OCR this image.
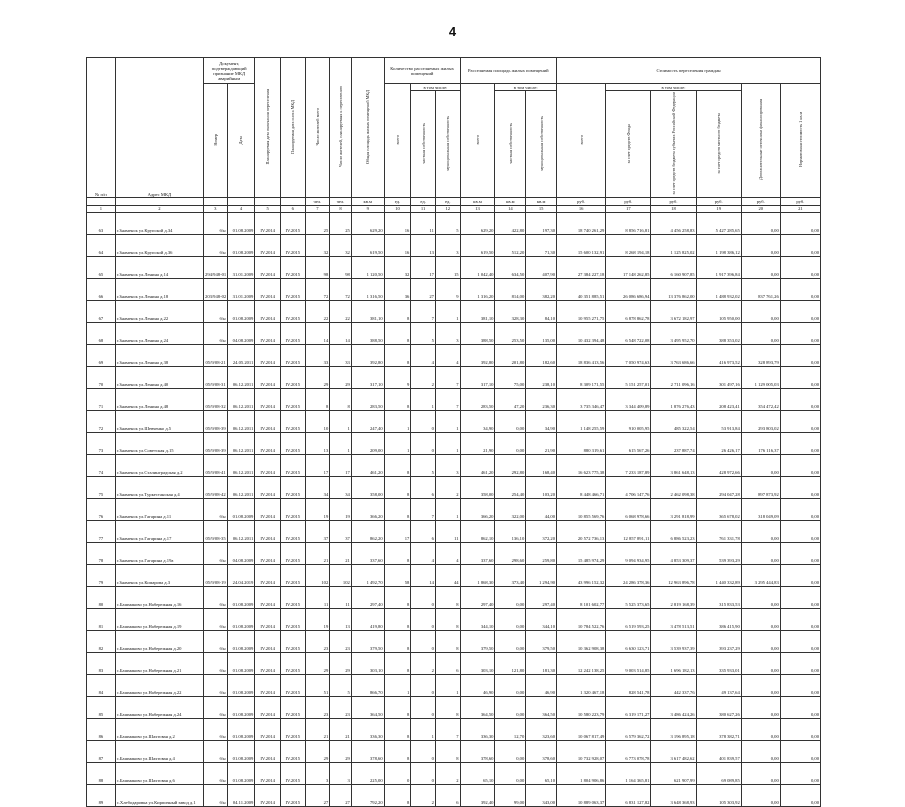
4
№ п/п	Адрес МКД	Документ, подтверждающий признание МКД аварийным		Планируемая дата окончания переселения	Планируемая дата сноса МКД	Число жителей всего	Число жителей, планируемых к переселению	Общая площадь жилых помещений МКД	Количество расселяемых жилых помещений			Расселяемая площадь жилых помещений			Стоимость переселения граждан					
		Номер	Дата						всего	в том числе:		всего	в том числе:		всего	в том числе:			Дополнительные источники финансирования	Нормативная стоимость 1 кв.м
										частная собственность	муниципальная собственность		частная собственность	муниципальная собственность		за счет средств Фонда	за счет средств бюджета субъекта Российской Федерации	за счет средств местного бюджета		
						чел.	чел.	кв.м	ед.	ед.	ед.	кв.м	кв.м	кв.м	руб.	руб.	руб.	руб.	руб.	руб.
1	2	3	4	5	6	7	8	9	10	11	12	13	14	15	16	17	18	19	20	21
63	г.Знаменск ул.Крупской д.34	б/н	01.08.2009	IV.2014	IV.2015	25	25	629,20	16	11	5	629,20	422,80	197,30	18 740 261,29	8 856 716,81	4 456 258,83	5 427 285,65	0,00	0,00
64	г.Знаменск ул.Крупской д.36	б/н	01.08.2009	IV.2014	IV.2015	32	32	619,50	16	13	3	619,50	512,20	71,30	15 600 132,91	8 268 194,18	1 125 825,02	1 198 386,12	0,00	0,00
65	г.Знаменск ул.Ленина д.14	294/948-01	31.01.2009	IV.2014	IV.2015	98	98	1 120,50	32	17	15	1 042,40	634,50	407,90	27 384 227,18	17 148 262,85	6 160 907,85	1 917 396,84	0,00	0,00
66	г.Знаменск ул.Ленина д.18	203/948-02	31.01.2009	IV.2014	IV.2015	72	72	1 316,50	36	27	9	1 316,20	814,00	382,20	40 351 885,51	26 086 686,94	13 376 862,00	1 488 932,02	837 761,26	0,00
67	г.Знаменск ул.Ленина д.22	б/н	01.08.2009	IV.2014	IV.2015	22	22	381,10	8	7	1	381,10	328,30	84,10	10 955 271,75	6 878 862,78	3 672 182,97	105 950,00	0,00	0,00
68	г.Знаменск ул.Ленина д.24	б/н	04.08.2009	IV.2014	IV.2015	14	14	388,50	8	5	3	388,50	253,50	135,00	10 432 394,48	6 548 722,08	3 495 952,70	388 353,02	0,00	0,00
69	г.Знаменск ул.Ленина д.38	05/9/08-21	24.05.2011	IV.2014	IV.2015	33	33	392,80	8	4	4	392,80	201,80	182,60	18 836 413,56	7 050 974,63	3 763 686,66	416 973,52	328 893,79	0,00
70	г.Знаменск ул.Ленина д.40	05/9/08-31	06.12.2011	IV.2014	IV.2015	29	29	317,10	9	2	7	317,10	75,00	238,10	8 309 171,55	5 151 257,01	2 711 096,16	301 497,16	1 129 005,03	0,00
71	г.Знаменск ул.Ленина д.48	05/9/08-32	06.12.2011	IV.2014	IV.2015	8	8	283,50	8	1	7	283,50	47,20	236,30	3 735 346,47	3 344 409,89	1 876 276,43	208 423,41	354 472,42	0,00
72	г.Знаменск ул.Шевченко д.5	05/9/08-39	06.12.2011	IV.2014	IV.2015	10	1	247,40	1	0	1	34,90	0,00	34,90	1 148 255,59	910 005,95	485 322,54	53 913,84	293 803,02	0,00
73	г.Знаменск ул.Советская д.15	05/9/08-39	06.12.2011	IV.2014	IV.2015	13	1	209,00	1	0	1	21,90	0,00	21,90	880 319,61	615 567,26	237 887,74	26 426,17	176 116,37	0,00
74	г.Знаменск ул.Сталинградская д.2	05/9/08-41	06.12.2011	IV.2014	IV.2015	17	17	461,20	8	5	3	461,20	292,80	168,40	16 623 775,38	7 233 187,89	3 861 648,13	428 972,66	0,00	0,00
75	г.Знаменск ул.Туркестанская д.4	05/9/08-42	06.12.2011	IV.2014	IV.2015	34	34	358,00	8	6	2	358,00	254,40	103,20	8 448 466,71	4 706 147,76	2 462 098,38	294 047,28	897 873,92	0,00
76	г.Знаменск ул.Гагарина д.11	б/н	01.08.2009	IV.2014	IV.2015	19	19	366,20	8	7	1	366,20	322,00	44,00	10 855 569,76	6 068 978,66	3 291 818,99	365 678,02	318 049,09	0,00
77	г.Знаменск ул.Гагарина д.17	05/9/08-35	06.12.2011	IV.2014	IV.2015	37	37	862,20	17	6	11	862,10	136,10	372,20	20 572 736,13	12 857 891,11	6 886 523,23	761 331,78	0,00	0,00
78	г.Знаменск ул.Гагарина д.19а	б/н	04.08.2009	IV.2014	IV.2015	21	21	337,60	8	4	4	337,60	298,60	259,80	15 485 974,29	9 094 934,95	4 853 309,37	539 393,29	0,00	0,00
79	г.Знаменск ул.Комарова д.3	05/9/08-19	24.04.2019	IV.2014	IV.2015	102	102	1 492,70	58	14	44	1 868,30	373,40	1 294,90	43 996 152,32	24 286 378,36	12 963 896,78	1 440 332,89	3 295 444,83	0,00
80	с.Башмаково ул.Набережная д.16	б/н	01.08.2009	IV.2014	IV.2015	11	11	297,40	8	0	8	297,40	0,00	297,40	8 101 602,77	5 525 373,65	2 819 168,39	315 833,53	0,00	0,00
81	с.Башмаково ул.Набережная д.19	б/н	01.08.2009	IV.2014	IV.2015	19	13	419,80	8	0	8	344,10	0,00	344,10	10 784 522,76	6 519 593,25	3 478 513,51	386 415,90	0,00	0,00
82	с.Башмаково ул.Набережная д.20	б/н	01.08.2009	IV.2014	IV.2015	23	23	379,50	8	0	8	379,50	0,00	379,50	10 362 908,38	6 630 123,71	3 539 937,39	393 237,29	0,00	0,00
83	с.Башмаково ул.Набережная д.21	б/н	01.08.2009	IV.2014	IV.2015	29	29	303,10	8	2	6	303,10	121,80	181,30	12 242 138,25	9 003 514,85	1 696 182,13	335 933,01	0,00	0,00
84	с.Башмаково ул.Набережная д.22	б/н	01.08.2009	IV.2014	IV.2015	51	5	866,70	1	0	1	46,90	0,00	46,90	1 320 467,18	828 541,78	442 337,76	49 137,64	0,00	0,00
85	с.Башмаково ул.Набережная д.24	б/н	01.08.2009	IV.2014	IV.2015	23	23	364,50	8	0	8	364,50	0,00	364,50	10 580 223,79	6 319 171,27	3 486 424,26	380 627,26	0,00	0,00
86	с.Башмаково ул.Шахтовая д.2	б/н	01.08.2009	IV.2014	IV.2015	21	21	336,30	8	1	7	336,30	12,70	323,60	10 067 817,49	6 579 362,72	3 196 895,18	378 382,71	0,00	0,00
87	с.Башмаково ул.Шахтовая д.4	б/н	01.08.2009	IV.2014	IV.2015	29	29	378,60	8	0	8	378,60	0,00	378,60	10 732 928,07	6 773 078,78	3 617 482,62	401 839,57	0,00	0,00
88	с.Башмаково ул.Шахтовая д.6	б/н	01.08.2009	IV.2014	IV.2015	3	3	225,00	0	0	2	65,10	0,00	65,10	1 804 906,86	1 164 365,81	621 907,99	69 089,85	0,00	0,00
89	с.Хлебодаровка ул.Кирпичный завод д.1	б/н	04.11.2009	IV.2014	IV.2015	27	27	792,20	8	2	6	392,40	99,00	343,00	10 889 063,37	6 831 127,82	3 648 368,93	105 303,92	0,00	0,00
